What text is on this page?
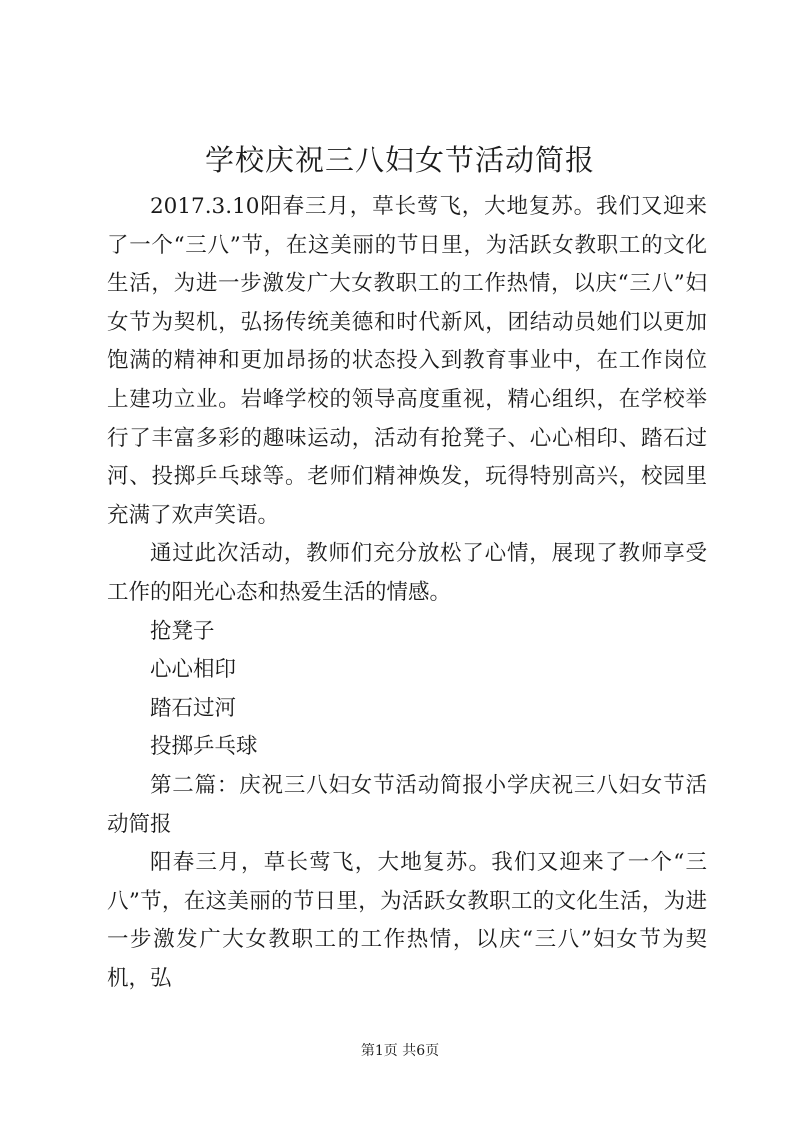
学校庆祝三八妇女节活动简报

2017.3.10阳春三月，草长莺飞，大地复苏。我们又迎来了一个“三八”节，在这美丽的节日里，为活跃女教职工的文化生活，为进一步激发广大女教职工的工作热情，以庆“三八”妇女节为契机，弘扬传统美德和时代新风，团结动员她们以更加饱满的精神和更加昂扬的状态投入到教育事业中，在工作岗位上建功立业。岩峰学校的领导高度重视，精心组织，在学校举行了丰富多彩的趣味运动，活动有抢凳子、心心相印、踏石过河、投掷乒乓球等。老师们精神焕发，玩得特别高兴，校园里充满了欢声笑语。

通过此次活动，教师们充分放松了心情，展现了教师享受工作的阳光心态和热爱生活的情感。

抢凳子

心心相印

踏石过河

投掷乒乓球

第二篇：庆祝三八妇女节活动简报小学庆祝三八妇女节活动简报

阳春三月，草长莺飞，大地复苏。我们又迎来了一个“三八”节，在这美丽的节日里，为活跃女教职工的文化生活，为进一步激发广大女教职工的工作热情，以庆“三八”妇女节为契机，弘

第1页 共6页
